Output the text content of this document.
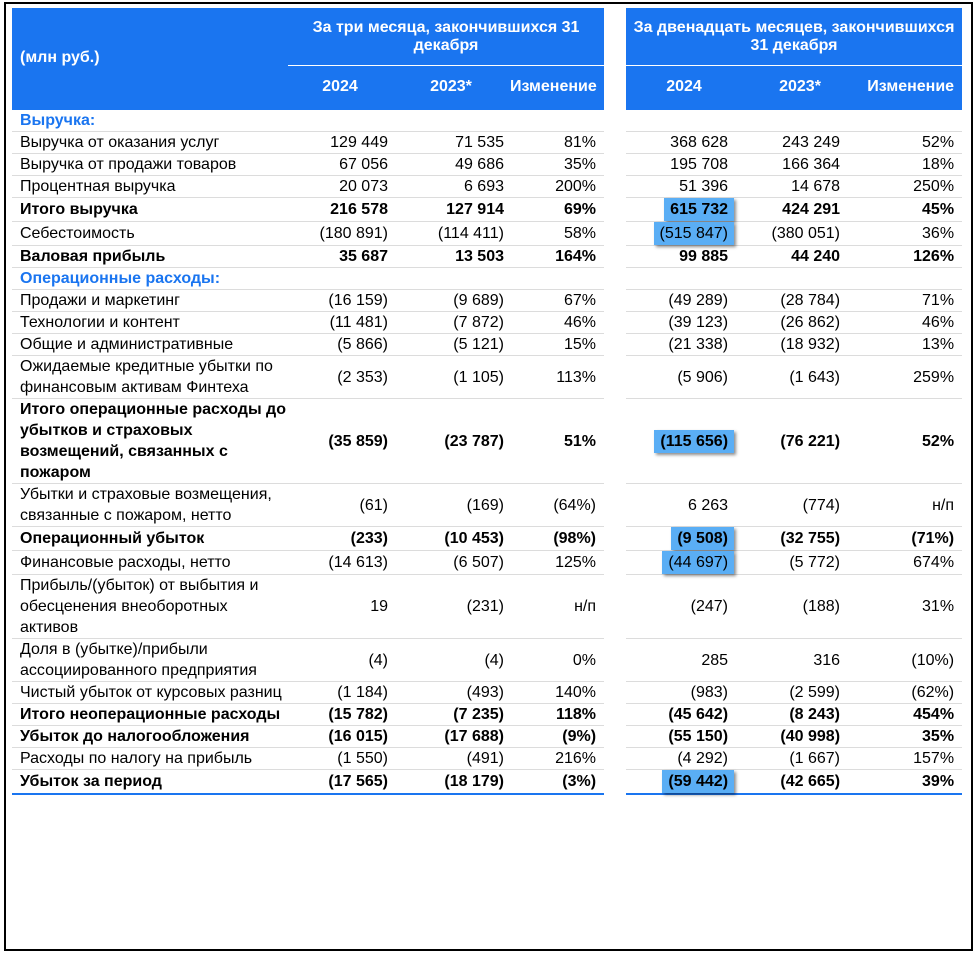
(млн руб.)	За три месяца, закончившихся 31 декабря				За двенадцать месяцев, закончившихся 31 декабря		
	2024	2023*	Изменение		2024	2023*	Изменение
Выручка:							
Выручка от оказания услуг	129 449	71 535	81%		368 628	243 249	52%
Выручка от продажи товаров	67 056	49 686	35%		195 708	166 364	18%
Процентная выручка	20 073	6 693	200%		51 396	14 678	250%
Итого выручка	216 578	127 914	69%		615 732	424 291	45%
Себестоимость	(180 891)	(114 411)	58%		(515 847)	(380 051)	36%
Валовая прибыль	35 687	13 503	164%		99 885	44 240	126%
Операционные расходы:							
Продажи и маркетинг	(16 159)	(9 689)	67%		(49 289)	(28 784)	71%
Технологии и контент	(11 481)	(7 872)	46%		(39 123)	(26 862)	46%
Общие и административные	(5 866)	(5 121)	15%		(21 338)	(18 932)	13%
Ожидаемые кредитные убытки по финансовым активам Финтеха	(2 353)	(1 105)	113%		(5 906)	(1 643)	259%
Итого операционные расходы до убытков и страховых возмещений, связанных с пожаром	(35 859)	(23 787)	51%		(115 656)	(76 221)	52%
Убытки и страховые возмещения, связанные с пожаром, нетто	(61)	(169)	(64%)		6 263	(774)	н/п
Операционный убыток	(233)	(10 453)	(98%)		(9 508)	(32 755)	(71%)
Финансовые расходы, нетто	(14 613)	(6 507)	125%		(44 697)	(5 772)	674%
Прибыль/(убыток) от выбытия и обесценения внеоборотных активов	19	(231)	н/п		(247)	(188)	31%
Доля в (убытке)/прибыли ассоциированного предприятия	(4)	(4)	0%		285	316	(10%)
Чистый убыток от курсовых разниц	(1 184)	(493)	140%		(983)	(2 599)	(62%)
Итого неоперационные расходы	(15 782)	(7 235)	118%		(45 642)	(8 243)	454%
Убыток до налогообложения	(16 015)	(17 688)	(9%)		(55 150)	(40 998)	35%
Расходы по налогу на прибыль	(1 550)	(491)	216%		(4 292)	(1 667)	157%
Убыток за период	(17 565)	(18 179)	(3%)		(59 442)	(42 665)	39%
